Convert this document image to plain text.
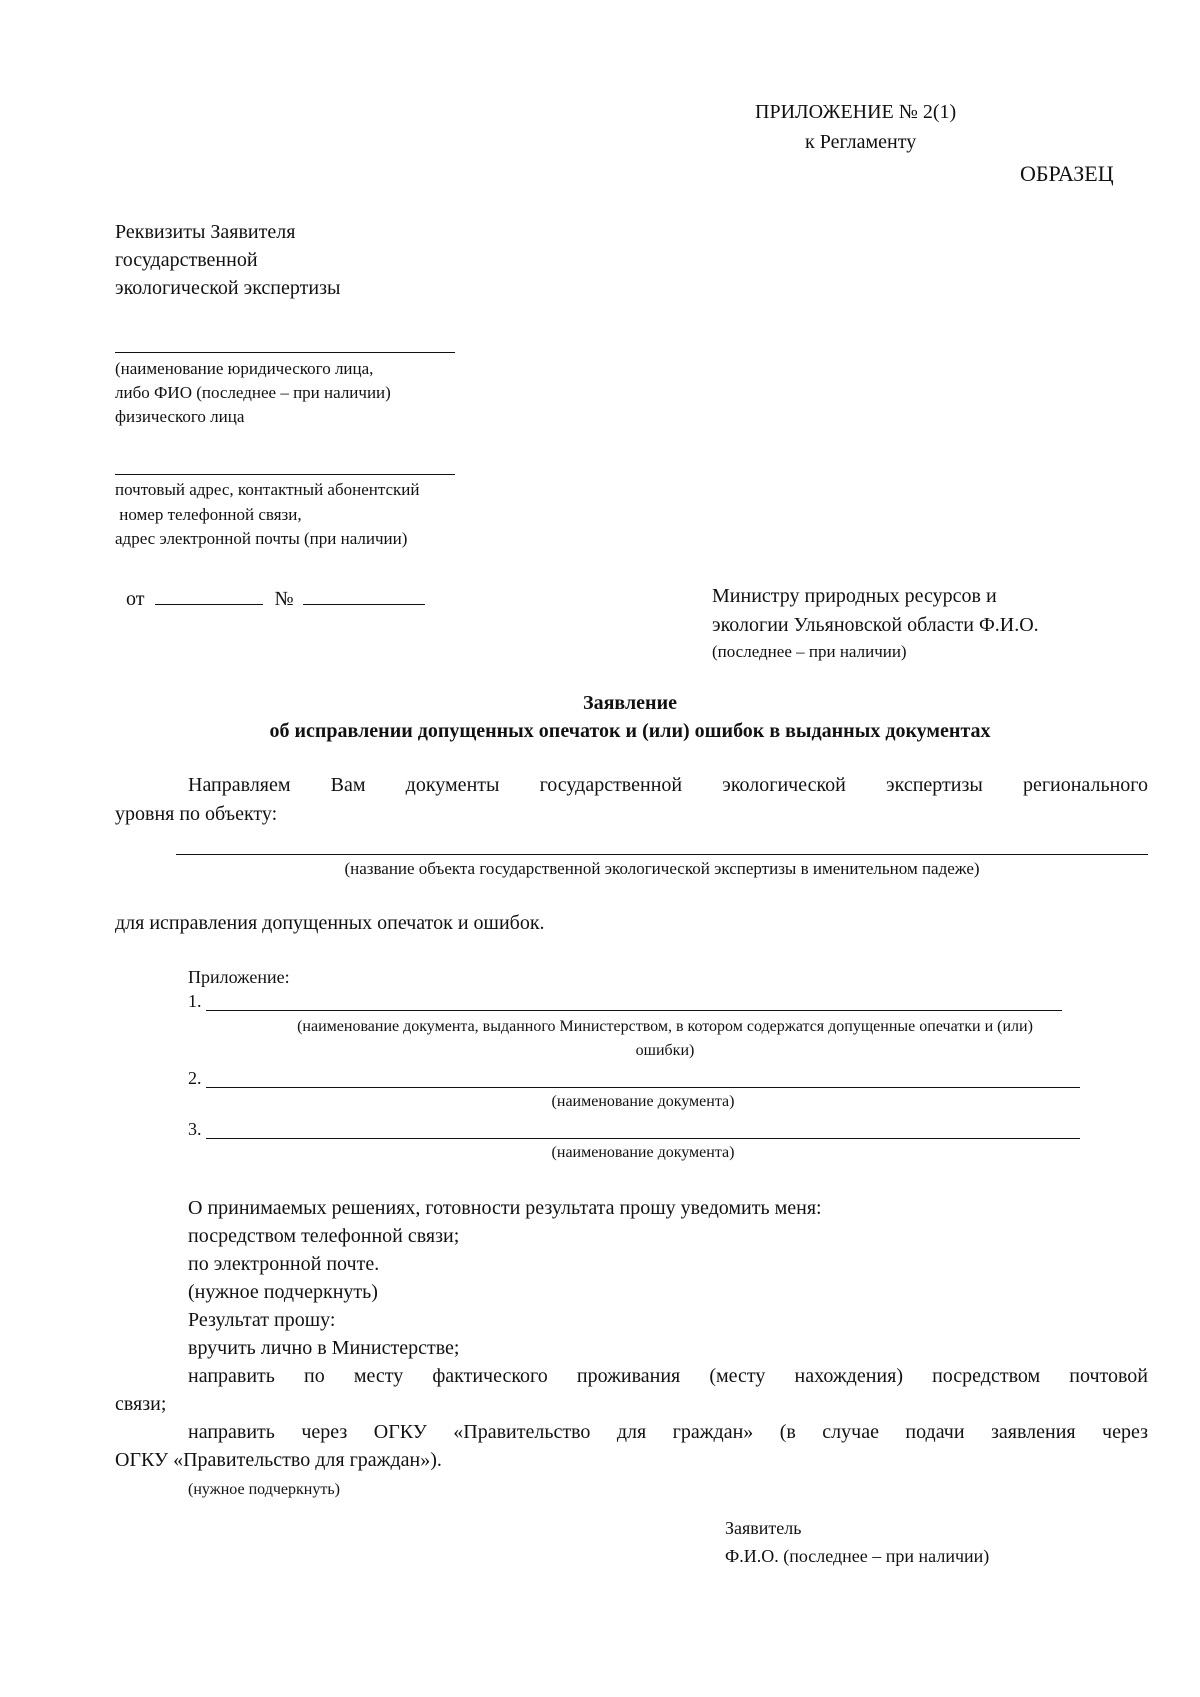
ПРИЛОЖЕНИЕ № 2(1)
к Регламенту
ОБРАЗЕЦ
Реквизиты Заявителя
государственной
экологической экспертизы
(наименование юридического лица,
либо ФИО (последнее – при наличии)
физического лица
почтовый адрес, контактный абонентский
номер телефонной связи,
адрес электронной почты (при наличии)
от	№	Министру природных ресурсов и
экологии Ульяновской области Ф.И.О.
(последнее – при наличии)
Заявление
об исправлении допущенных опечаток и (или) ошибок в выданных документах
Направляем Вам документы государственной экологической экспертизы регионального
уровня по объекту:
(название объекта государственной экологической экспертизы в именительном падеже)
для исправления допущенных опечаток и ошибок.
Приложение:
1.
(наименование документа, выданного Министерством, в котором содержатся допущенные опечатки и (или)
ошибки)
2.
(наименование документа)
3.
(наименование документа)
О принимаемых решениях, готовности результата прошу уведомить меня:
посредством телефонной связи;
по электронной почте.
(нужное подчеркнуть)
Результат прошу:
вручить лично в Министерстве;
направить по месту фактического проживания (месту нахождения) посредством почтовой
связи;
направить через ОГКУ «Правительство для граждан» (в случае подачи заявления через
ОГКУ «Правительство для граждан»).
(нужное подчеркнуть)
Заявитель
Ф.И.О. (последнее – при наличии)
